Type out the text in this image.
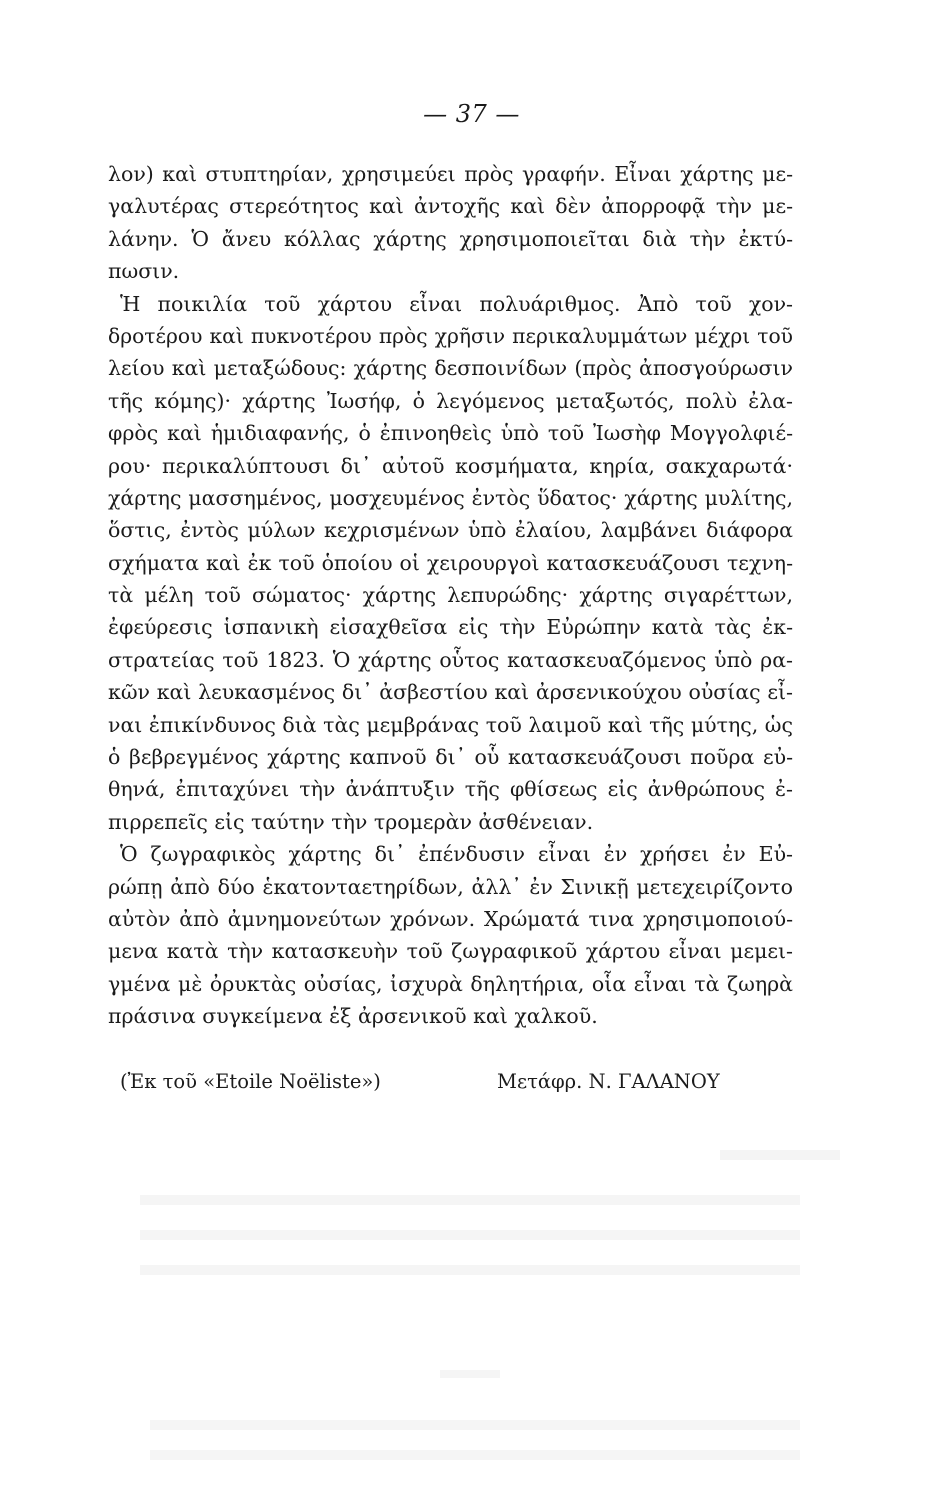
— 37 —
λον) καὶ στυπτηρίαν, χρησιμεύει πρὸς γραφήν. Εἶναι χάρτης με-
γαλυτέρας στερεότητος καὶ ἀντοχῆς καὶ δὲν ἀπορροφᾷ τὴν με-
λάνην. Ὁ ἄνευ κόλλας χάρτης χρησιμοποιεῖται διὰ τὴν ἐκτύ-
πωσιν.
Ἡ ποικιλία τοῦ χάρτου εἶναι πολυάριθμος. Ἀπὸ τοῦ χον-
δροτέρου καὶ πυκνοτέρου πρὸς χρῆσιν περικαλυμμάτων μέχρι τοῦ
λείου καὶ μεταξώδους: χάρτης δεσποινίδων (πρὸς ἀποσγούρωσιν
τῆς κόμης)· χάρτης Ἰωσήφ, ὁ λεγόμενος μεταξωτός, πολὺ ἐλα-
φρὸς καὶ ἡμιδιαφανής, ὁ ἐπινοηθεὶς ὑπὸ τοῦ Ἰωσὴφ Μογγολφιέ-
ρου· περικαλύπτουσι δι᾽ αὐτοῦ κοσμήματα, κηρία, σακχαρωτά·
χάρτης μασσημένος, μοσχευμένος ἐντὸς ὕδατος· χάρτης μυλίτης,
ὅστις, ἐντὸς μύλων κεχρισμένων ὑπὸ ἐλαίου, λαμβάνει διάφορα
σχήματα καὶ ἐκ τοῦ ὁποίου οἱ χειρουργοὶ κατασκευάζουσι τεχνη-
τὰ μέλη τοῦ σώματος· χάρτης λεπυρώδης· χάρτης σιγαρέττων,
ἐφεύρεσις ἱσπανικὴ εἰσαχθεῖσα εἰς τὴν Εὐρώπην κατὰ τὰς ἐκ-
στρατείας τοῦ 1823. Ὁ χάρτης οὗτος κατασκευαζόμενος ὑπὸ ρα-
κῶν καὶ λευκασμένος δι᾽ ἀσβεστίου καὶ ἀρσενικούχου οὐσίας εἶ-
ναι ἐπικίνδυνος διὰ τὰς μεμβράνας τοῦ λαιμοῦ καὶ τῆς μύτης, ὡς
ὁ βεβρεγμένος χάρτης καπνοῦ δι᾽ οὗ κατασκευάζουσι ποῦρα εὐ-
θηνά, ἐπιταχύνει τὴν ἀνάπτυξιν τῆς φθίσεως εἰς ἀνθρώπους ἐ-
πιρρεπεῖς εἰς ταύτην τὴν τρομερὰν ἀσθένειαν.
Ὁ ζωγραφικὸς χάρτης δι᾽ ἐπένδυσιν εἶναι ἐν χρήσει ἐν Εὐ-
ρώπῃ ἀπὸ δύο ἑκατονταετηρίδων, ἀλλ᾽ ἐν Σινικῇ μετεχειρίζοντο
αὐτὸν ἀπὸ ἀμνημονεύτων χρόνων. Χρώματά τινα χρησιμοποιού-
μενα κατὰ τὴν κατασκευὴν τοῦ ζωγραφικοῦ χάρτου εἶναι μεμει-
γμένα μὲ ὀρυκτὰς οὐσίας, ἰσχυρὰ δηλητήρια, οἷα εἶναι τὰ ζωηρὰ
πράσινα συγκείμενα ἐξ ἀρσενικοῦ καὶ χαλκοῦ.
(Ἐκ τοῦ «Etoile Noëliste»)	Μετάφρ. Ν. ΓΑΛΑΝΟΥ
